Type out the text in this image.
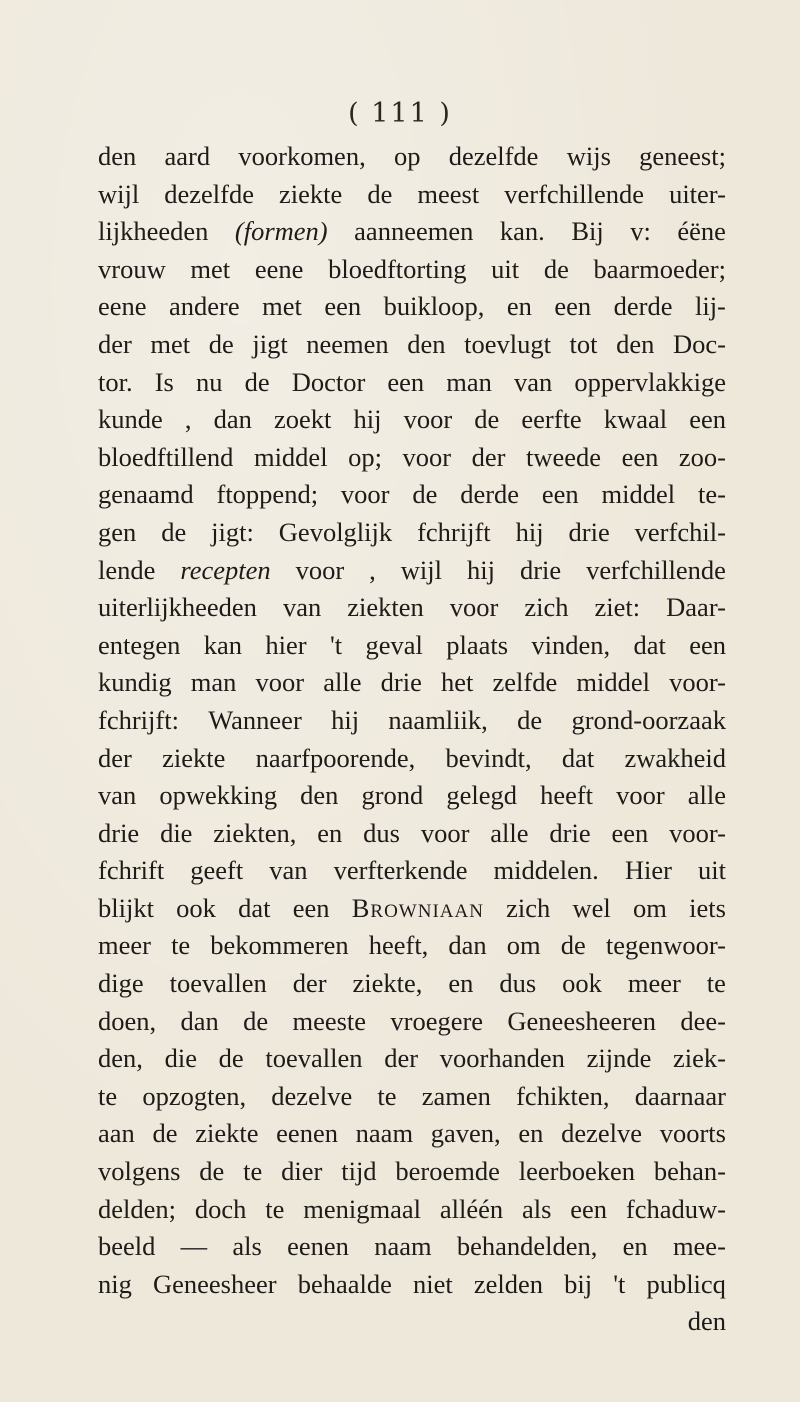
( 111 )
den aard voorkomen, op dezelfde wijs geneest;
wijl dezelfde ziekte de meest verfchillende uiter-
lijkheeden (formen) aanneemen kan. Bij v: éëne
vrouw met eene bloedftorting uit de baarmoeder;
eene andere met een buikloop, en een derde lij-
der met de jigt neemen den toevlugt tot den Doc-
tor. Is nu de Doctor een man van oppervlakkige
kunde , dan zoekt hij voor de eerfte kwaal een
bloedftillend middel op; voor der tweede een zoo-
genaamd ftoppend; voor de derde een middel te-
gen de jigt: Gevolglijk fchrijft hij drie verfchil-
lende recepten voor , wijl hij drie verfchillende
uiterlijkheeden van ziekten voor zich ziet: Daar-
entegen kan hier 't geval plaats vinden, dat een
kundig man voor alle drie het zelfde middel voor-
fchrijft: Wanneer hij naamliik, de grond-oorzaak
der ziekte naarfpoorende, bevindt, dat zwakheid
van opwekking den grond gelegd heeft voor alle
drie die ziekten, en dus voor alle drie een voor-
fchrift geeft van verfterkende middelen. Hier uit
blijkt ook dat een Browniaan zich wel om iets
meer te bekommeren heeft, dan om de tegenwoor-
dige toevallen der ziekte, en dus ook meer te
doen, dan de meeste vroegere Geneesheeren dee-
den, die de toevallen der voorhanden zijnde ziek-
te opzogten, dezelve te zamen fchikten, daarnaar
aan de ziekte eenen naam gaven, en dezelve voorts
volgens de te dier tijd beroemde leerboeken behan-
delden; doch te menigmaal alléén als een fchaduw-
beeld — als eenen naam behandelden, en mee-
nig Geneesheer behaalde niet zelden bij 't publicq
den
